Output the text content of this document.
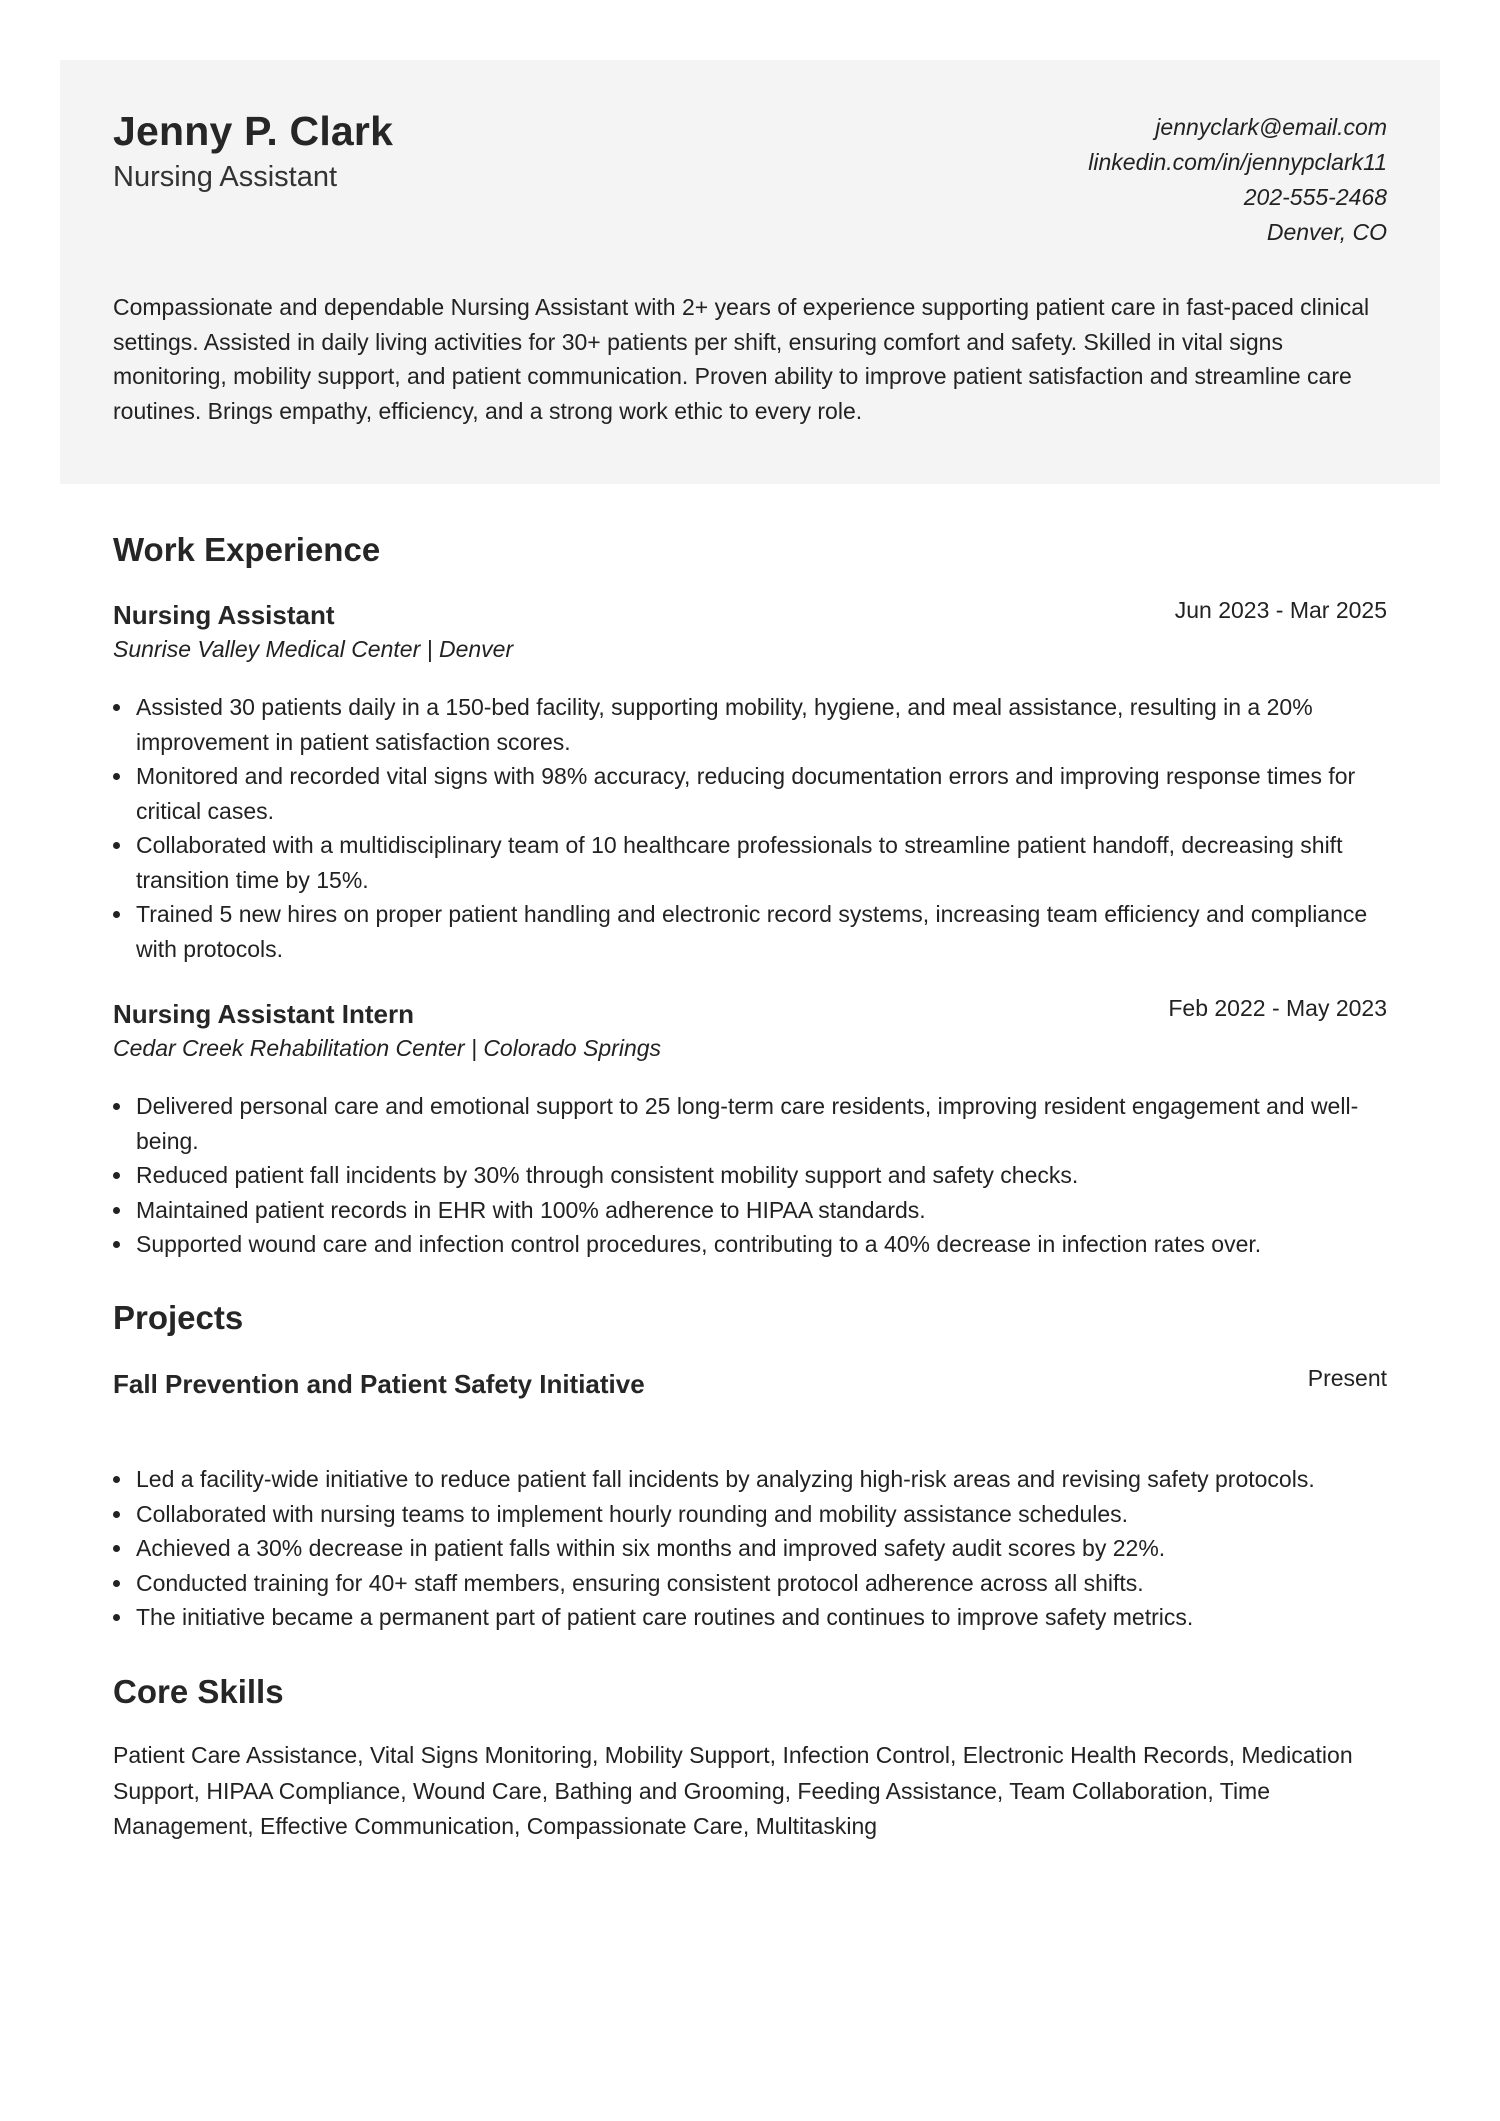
Jenny P. Clark
Nursing Assistant
jennyclark@email.com
linkedin.com/in/jennypclark11
202-555-2468
Denver, CO
Compassionate and dependable Nursing Assistant with 2+ years of experience supporting patient care in fast-paced clinical settings. Assisted in daily living activities for 30+ patients per shift, ensuring comfort and safety. Skilled in vital signs monitoring, mobility support, and patient communication. Proven ability to improve patient satisfaction and streamline care routines. Brings empathy, efficiency, and a strong work ethic to every role.
Work Experience
Nursing Assistant	Jun 2023 - Mar 2025
Sunrise Valley Medical Center | Denver
Assisted 30 patients daily in a 150-bed facility, supporting mobility, hygiene, and meal assistance, resulting in a 20% improvement in patient satisfaction scores.
Monitored and recorded vital signs with 98% accuracy, reducing documentation errors and improving response times for critical cases.
Collaborated with a multidisciplinary team of 10 healthcare professionals to streamline patient handoff, decreasing shift transition time by 15%.
Trained 5 new hires on proper patient handling and electronic record systems, increasing team efficiency and compliance with protocols.
Nursing Assistant Intern	Feb 2022 - May 2023
Cedar Creek Rehabilitation Center | Colorado Springs
Delivered personal care and emotional support to 25 long-term care residents, improving resident engagement and well-being.
Reduced patient fall incidents by 30% through consistent mobility support and safety checks.
Maintained patient records in EHR with 100% adherence to HIPAA standards.
Supported wound care and infection control procedures, contributing to a 40% decrease in infection rates over.
Projects
Fall Prevention and Patient Safety Initiative	Present
Led a facility-wide initiative to reduce patient fall incidents by analyzing high-risk areas and revising safety protocols.
Collaborated with nursing teams to implement hourly rounding and mobility assistance schedules.
Achieved a 30% decrease in patient falls within six months and improved safety audit scores by 22%.
Conducted training for 40+ staff members, ensuring consistent protocol adherence across all shifts.
The initiative became a permanent part of patient care routines and continues to improve safety metrics.
Core Skills
Patient Care Assistance, Vital Signs Monitoring, Mobility Support, Infection Control, Electronic Health Records, Medication Support, HIPAA Compliance, Wound Care, Bathing and Grooming, Feeding Assistance, Team Collaboration, Time Management, Effective Communication, Compassionate Care, Multitasking
